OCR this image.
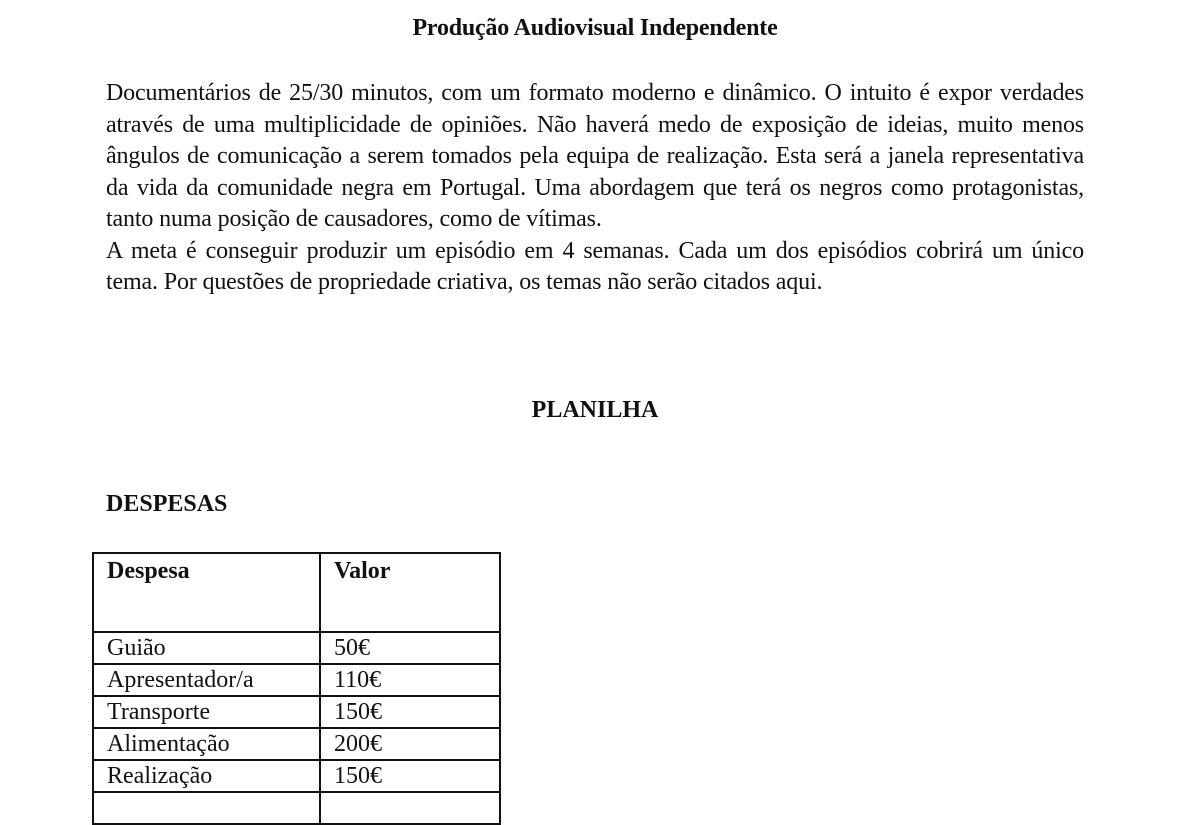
Produção Audiovisual Independente

Documentários de 25/30 minutos, com um formato moderno e dinâmico. O intuito é expor verdades através de uma multiplicidade de opiniões. Não haverá medo de exposição de ideias, muito menos ângulos de comunicação a serem tomados pela equipa de realização. Esta será a janela representativa da vida da comunidade negra em Portugal. Uma abordagem que terá os negros como protagonistas, tanto numa posição de causadores, como de vítimas.

A meta é conseguir produzir um episódio em 4 semanas. Cada um dos episódios cobrirá um único tema. Por questões de propriedade criativa, os temas não serão citados aqui.

PLANILHA
DESPESAS
Despesa	Valor
Guião	50€
Apresentador/a	110€
Transporte	150€
Alimentação	200€
Realização	150€
